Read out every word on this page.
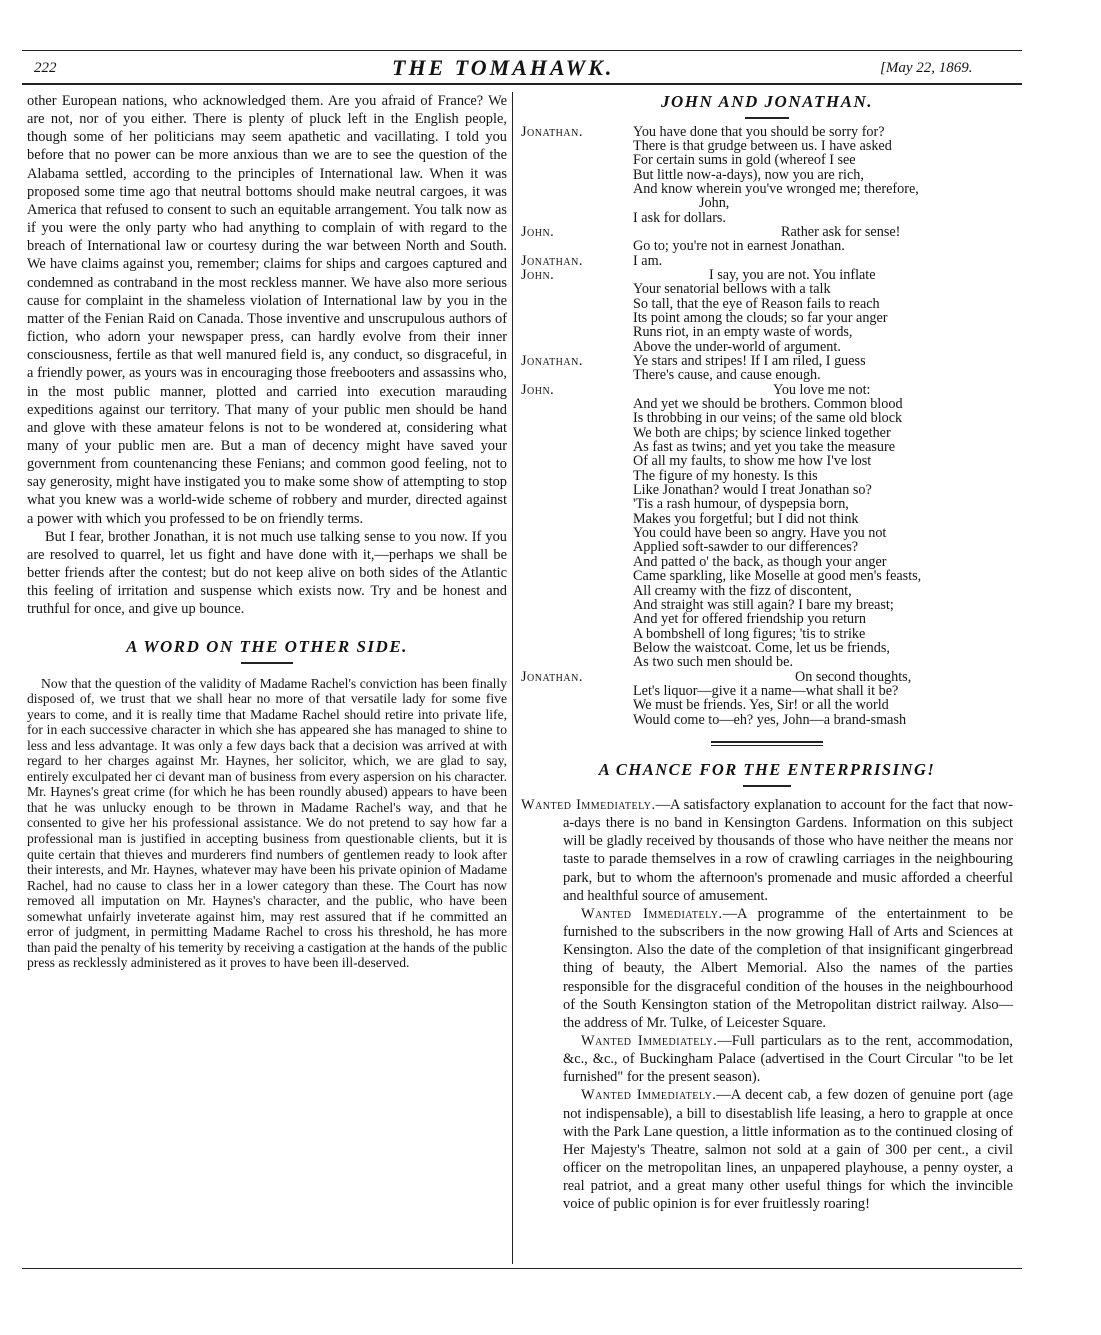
222	THE TOMAHAWK.	[May 22, 1869.

other European nations, who acknowledged them. Are you afraid of France? We are not, nor of you either. There is plenty of pluck left in the English people, though some of her politicians may seem apathetic and vacillating. I told you before that no power can be more anxious than we are to see the question of the Alabama settled, according to the principles of International law. When it was proposed some time ago that neutral bottoms should make neutral cargoes, it was America that refused to consent to such an equitable arrangement. You talk now as if you were the only party who had anything to complain of with regard to the breach of International law or courtesy during the war between North and South. We have claims against you, remember; claims for ships and cargoes captured and condemned as contraband in the most reckless manner. We have also more serious cause for complaint in the shameless violation of International law by you in the matter of the Fenian Raid on Canada. Those inventive and unscrupulous authors of fiction, who adorn your newspaper press, can hardly evolve from their inner consciousness, fertile as that well manured field is, any conduct, so disgraceful, in a friendly power, as yours was in encouraging those freebooters and assassins who, in the most public manner, plotted and carried into execution marauding expeditions against our territory. That many of your public men should be hand and glove with these amateur felons is not to be wondered at, considering what many of your public men are. But a man of decency might have saved your government from countenancing these Fenians; and common good feeling, not to say generosity, might have instigated you to make some show of attempting to stop what you knew was a world-wide scheme of robbery and murder, directed against a power with which you professed to be on friendly terms.

But I fear, brother Jonathan, it is not much use talking sense to you now. If you are resolved to quarrel, let us fight and have done with it,—perhaps we shall be better friends after the contest; but do not keep alive on both sides of the Atlantic this feeling of irritation and suspense which exists now. Try and be honest and truthful for once, and give up bounce.

A WORD ON THE OTHER SIDE.

Now that the question of the validity of Madame Rachel's conviction has been finally disposed of, we trust that we shall hear no more of that versatile lady for some five years to come, and it is really time that Madame Rachel should retire into private life, for in each successive character in which she has appeared she has managed to shine to less and less advantage. It was only a few days back that a decision was arrived at with regard to her charges against Mr. Haynes, her solicitor, which, we are glad to say, entirely exculpated her ci devant man of business from every aspersion on his character. Mr. Haynes's great crime (for which he has been roundly abused) appears to have been that he was unlucky enough to be thrown in Madame Rachel's way, and that he consented to give her his professional assistance. We do not pretend to say how far a professional man is justified in accepting business from questionable clients, but it is quite certain that thieves and murderers find numbers of gentlemen ready to look after their interests, and Mr. Haynes, whatever may have been his private opinion of Madame Rachel, had no cause to class her in a lower category than these. The Court has now removed all imputation on Mr. Haynes's character, and the public, who have been somewhat unfairly inveterate against him, may rest assured that if he committed an error of judgment, in permitting Madame Rachel to cross his threshold, he has more than paid the penalty of his temerity by receiving a castigation at the hands of the public press as recklessly administered as it proves to have been ill-deserved.

JOHN AND JONATHAN.
Jonathan.	You have done that you should be sorry for?
There is that grudge between us. I have asked
For certain sums in gold (whereof I see
But little now-a-days), now you are rich,
And know wherein you've wronged me; therefore,
John,
I ask for dollars.
John.	Rather ask for sense!
Go to; you're not in earnest Jonathan.
Jonathan.	I am.
John.	I say, you are not. You inflate
Your senatorial bellows with a talk
So tall, that the eye of Reason fails to reach
Its point among the clouds; so far your anger
Runs riot, in an empty waste of words,
Above the under-world of argument.
Jonathan.	Ye stars and stripes! If I am riled, I guess
There's cause, and cause enough.
John.	You love me not:
And yet we should be brothers. Common blood
Is throbbing in our veins; of the same old block
We both are chips; by science linked together
As fast as twins; and yet you take the measure
Of all my faults, to show me how I've lost
The figure of my honesty. Is this
Like Jonathan? would I treat Jonathan so?
'Tis a rash humour, of dyspepsia born,
Makes you forgetful; but I did not think
You could have been so angry. Have you not
Applied soft-sawder to our differences?
And patted o' the back, as though your anger
Came sparkling, like Moselle at good men's feasts,
All creamy with the fizz of discontent,
And straight was still again? I bare my breast;
And yet for offered friendship you return
A bombshell of long figures; 'tis to strike
Below the waistcoat. Come, let us be friends,
As two such men should be.
Jonathan.	On second thoughts,
Let's liquor—give it a name—what shall it be?
We must be friends. Yes, Sir! or all the world
Would come to—eh? yes, John—a brand-smash
A CHANCE FOR THE ENTERPRISING!

Wanted Immediately.—A satisfactory explanation to account for the fact that now-a-days there is no band in Kensington Gardens. Information on this subject will be gladly received by thousands of those who have neither the means nor taste to parade themselves in a row of crawling carriages in the neighbouring park, but to whom the afternoon's promenade and music afforded a cheerful and healthful source of amusement.

Wanted Immediately.—A programme of the entertainment to be furnished to the subscribers in the now growing Hall of Arts and Sciences at Kensington. Also the date of the completion of that insignificant gingerbread thing of beauty, the Albert Memorial. Also the names of the parties responsible for the disgraceful condition of the houses in the neighbourhood of the South Kensington station of the Metropolitan district railway. Also—the address of Mr. Tulke, of Leicester Square.

Wanted Immediately.—Full particulars as to the rent, accommodation, &c., &c., of Buckingham Palace (advertised in the Court Circular "to be let furnished" for the present season).

Wanted Immediately.—A decent cab, a few dozen of genuine port (age not indispensable), a bill to disestablish life leasing, a hero to grapple at once with the Park Lane question, a little information as to the continued closing of Her Majesty's Theatre, salmon not sold at a gain of 300 per cent., a civil officer on the metropolitan lines, an unpapered playhouse, a penny oyster, a real patriot, and a great many other useful things for which the invincible voice of public opinion is for ever fruitlessly roaring!
